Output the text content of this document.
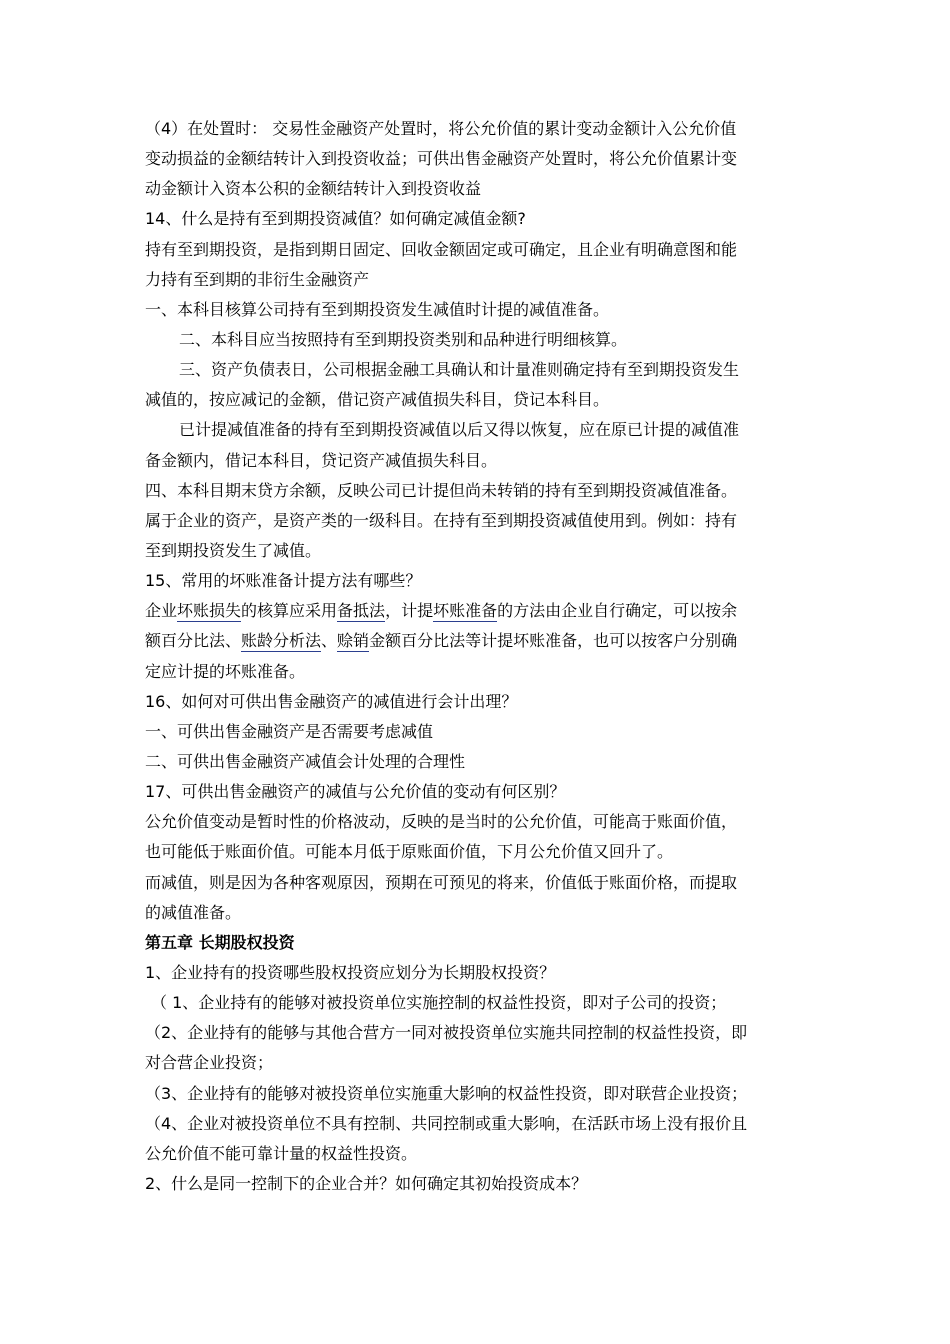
（4）在处置时： 交易性金融资产处置时，将公允价值的累计变动金额计入公允价值
变动损益的金额结转计入到投资收益；可供出售金融资产处置时，将公允价值累计变
动金额计入资本公积的金额结转计入到投资收益
14、什么是持有至到期投资减值？如何确定减值金额?
持有至到期投资，是指到期日固定、回收金额固定或可确定，且企业有明确意图和能
力持有至到期的非衍生金融资产
一、本科目核算公司持有至到期投资发生减值时计提的减值准备。
二、本科目应当按照持有至到期投资类别和品种进行明细核算。
三、资产负债表日，公司根据金融工具确认和计量准则确定持有至到期投资发生
减值的，按应减记的金额，借记资产减值损失科目，贷记本科目。
已计提减值准备的持有至到期投资减值以后又得以恢复，应在原已计提的减值准
备金额内，借记本科目，贷记资产减值损失科目。
四、本科目期末贷方余额，反映公司已计提但尚未转销的持有至到期投资减值准备。
属于企业的资产，是资产类的一级科目。在持有至到期投资减值使用到。例如：持有
至到期投资发生了减值。
15、常用的坏账准备计提方法有哪些？
企业坏账损失的核算应采用备抵法，计提坏账准备的方法由企业自行确定，可以按余
额百分比法、账龄分析法、赊销金额百分比法等计提坏账准备，也可以按客户分别确
定应计提的坏账准备。
16、如何对可供出售金融资产的减值进行会计出理？
一、可供出售金融资产是否需要考虑减值
二、可供出售金融资产减值会计处理的合理性
17、可供出售金融资产的减值与公允价值的变动有何区别？
公允价值变动是暂时性的价格波动，反映的是当时的公允价值，可能高于账面价值，
也可能低于账面价值。可能本月低于原账面价值，下月公允价值又回升了。
而减值，则是因为各种客观原因，预期在可预见的将来，价值低于账面价格，而提取
的减值准备。
第五章 长期股权投资
1、企业持有的投资哪些股权投资应划分为长期股权投资？
（ 1、企业持有的能够对被投资单位实施控制的权益性投资，即对子公司的投资；
（2、企业持有的能够与其他合营方一同对被投资单位实施共同控制的权益性投资，即
对合营企业投资；
（3、企业持有的能够对被投资单位实施重大影响的权益性投资，即对联营企业投资；
（4、企业对被投资单位不具有控制、共同控制或重大影响，在活跃市场上没有报价且
公允价值不能可靠计量的权益性投资。
2、什么是同一控制下的企业合并？如何确定其初始投资成本？
